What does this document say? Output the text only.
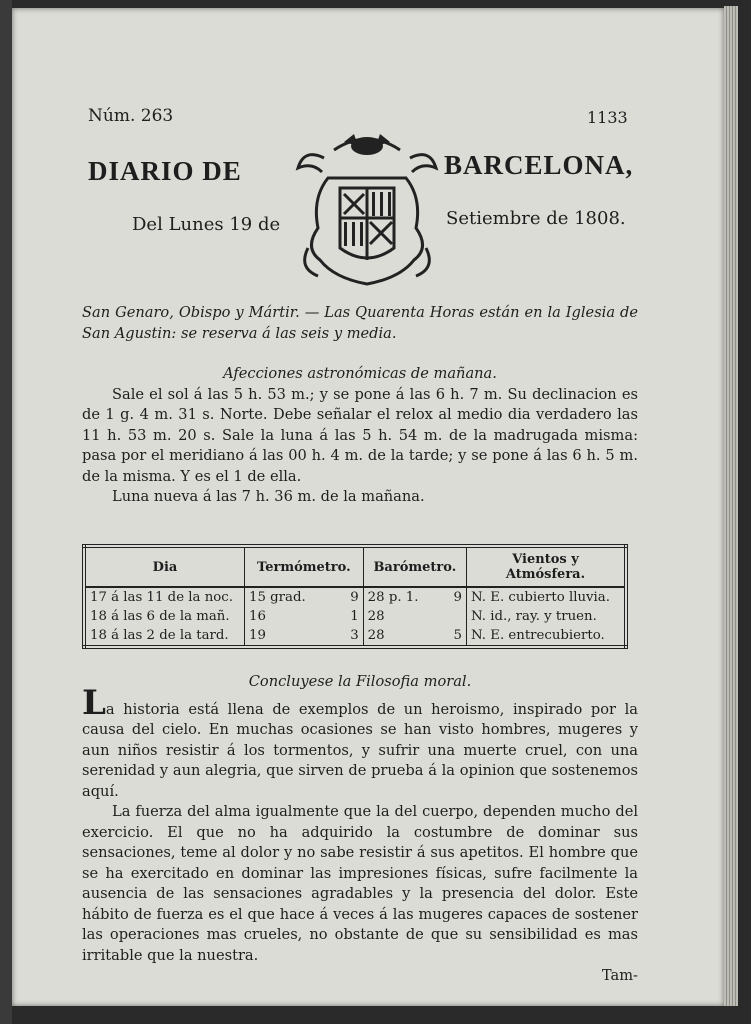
Núm. 263	1133
DIARIO DE	BARCELONA,
Del Lunes 19 de	Setiembre de 1808.
San Genaro, Obispo y Mártir. — Las Quarenta Horas están en la Iglesia de San Agustin: se reserva á las seis y media.
Afecciones astronómicas de mañana.
Sale el sol á las 5 h. 53 m.; y se pone á las 6 h. 7 m. Su declinacion es de 1 g. 4 m. 31 s. Norte. Debe señalar el relox al medio dia verdadero las 11 h. 53 m. 20 s. Sale la luna á las 5 h. 54 m. de la madrugada misma: pasa por el meridiano á las 00 h. 4 m. de la tarde; y se pone á las 6 h. 5 m. de la misma. Y es el 1 de ella.
Luna nueva á las 7 h. 36 m. de la mañana.
Dia	Termómetro.		Barómetro.		Vientos y Atmósfera.
17 á las 11 de la noc.	15 grad.	9	28 p. 1.	9	N. E. cubierto lluvia.
18 á las 6 de la mañ.	16	1	28		N. id., ray. y truen.
18 á las 2 de la tard.	19	3	28	5	N. E. entrecubierto.
Concluyese la Filosofia moral.
La historia está llena de exemplos de un heroismo, inspirado por la causa del cielo. En muchas ocasiones se han visto hombres, mugeres y aun niños resistir á los tormentos, y sufrir una muerte cruel, con una serenidad y aun alegria, que sirven de prueba á la opinion que sostenemos aquí.
La fuerza del alma igualmente que la del cuerpo, dependen mucho del exercicio. El que no ha adquirido la costumbre de dominar sus sensaciones, teme al dolor y no sabe resistir á sus apetitos. El hombre que se ha exercitado en dominar las impresiones físicas, sufre facilmente la ausencia de las sensaciones agradables y la presencia del dolor. Este hábito de fuerza es el que hace á veces á las mugeres capaces de sostener las operaciones mas crueles, no obstante de que su sensibilidad es mas irritable que la nuestra.
Tam-
